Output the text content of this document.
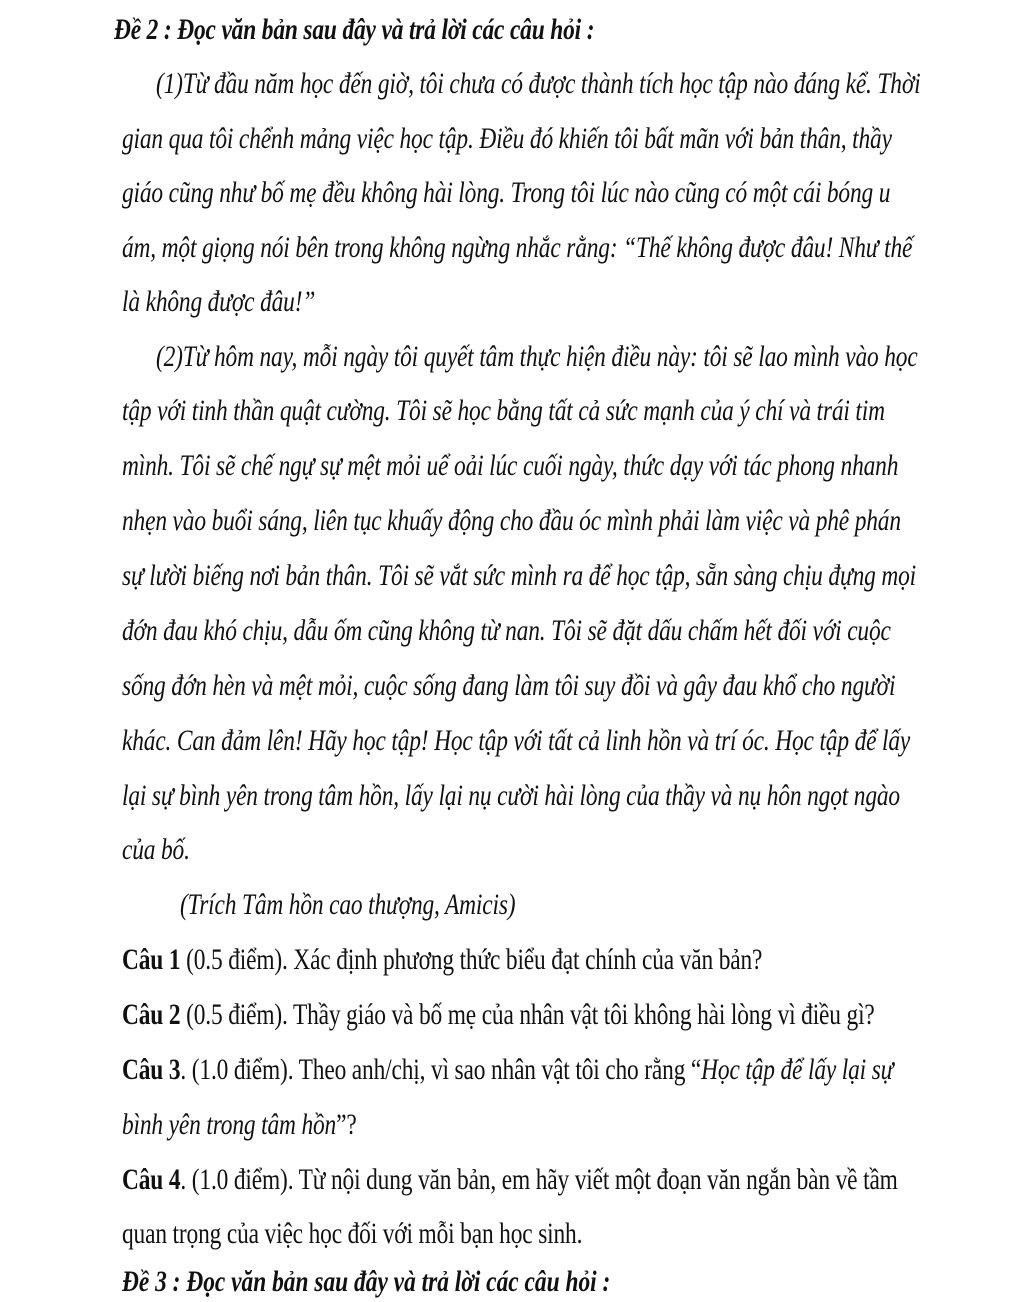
Đề 2 : Đọc văn bản sau đây và trả lời các câu hỏi :
(1)Từ đầu năm học đến giờ, tôi chưa có được thành tích học tập nào đáng kể. Thời
gian qua tôi chểnh mảng việc học tập. Điều đó khiến tôi bất mãn với bản thân, thầy
giáo cũng như bố mẹ đều không hài lòng. Trong tôi lúc nào cũng có một cái bóng u
ám, một giọng nói bên trong không ngừng nhắc rằng: “Thế không được đâu! Như thế
là không được đâu!”
(2)Từ hôm nay, mỗi ngày tôi quyết tâm thực hiện điều này: tôi sẽ lao mình vào học
tập với tinh thần quật cường. Tôi sẽ học bằng tất cả sức mạnh của ý chí và trái tim
mình. Tôi sẽ chế ngự sự mệt mỏi uể oải lúc cuối ngày, thức dạy với tác phong nhanh
nhẹn vào buổi sáng, liên tục khuấy động cho đầu óc mình phải làm việc và phê phán
sự lười biếng nơi bản thân. Tôi sẽ vắt sức mình ra để học tập, sẵn sàng chịu đựng mọi
đớn đau khó chịu, dẫu ốm cũng không từ nan. Tôi sẽ đặt dấu chấm hết đối với cuộc
sống đớn hèn và mệt mỏi, cuộc sống đang làm tôi suy đồi và gây đau khổ cho người
khác. Can đảm lên! Hãy học tập! Học tập với tất cả linh hồn và trí óc. Học tập để lấy
lại sự bình yên trong tâm hồn, lấy lại nụ cười hài lòng của thầy và nụ hôn ngọt ngào
của bố.
(Trích Tâm hồn cao thượng, Amicis)
Câu 1 (0.5 điểm). Xác định phương thức biểu đạt chính của văn bản?
Câu 2 (0.5 điểm). Thầy giáo và bố mẹ của nhân vật tôi không hài lòng vì điều gì?
Câu 3. (1.0 điểm). Theo anh/chị, vì sao nhân vật tôi cho rằng “Học tập để lấy lại sự
bình yên trong tâm hồn”?
Câu 4. (1.0 điểm). Từ nội dung văn bản, em hãy viết một đoạn văn ngắn bàn về tầm
quan trọng của việc học đối với mỗi bạn học sinh.
Đề 3 : Đọc văn bản sau đây và trả lời các câu hỏi :
